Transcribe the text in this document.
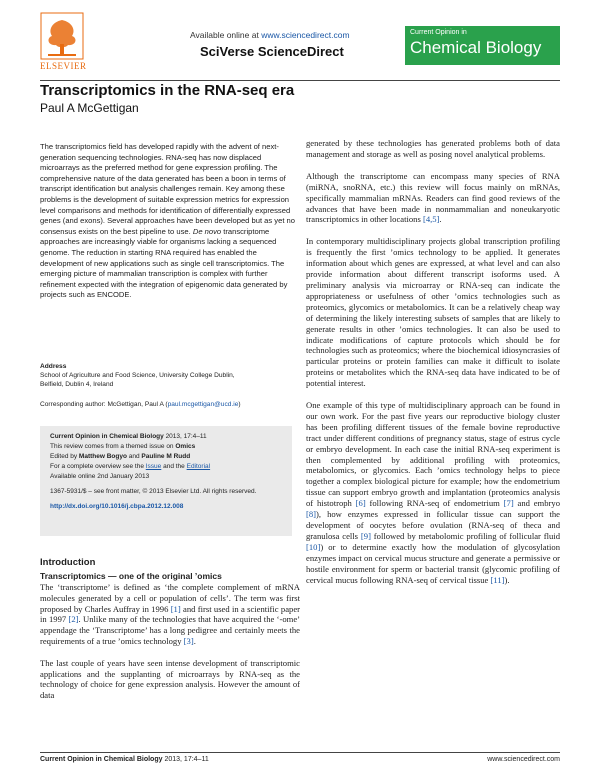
ELSEVIER
Available online at www.sciencedirect.com
SciVerse ScienceDirect
Current Opinion in
Chemical Biology
Transcriptomics in the RNA-seq era
Paul A McGettigan
The transcriptomics field has developed rapidly with the advent of next-generation sequencing technologies. RNA-seq has now displaced microarrays as the preferred method for gene expression profiling. The comprehensive nature of the data generated has been a boon in terms of transcript identification but analysis challenges remain. Key among these problems is the development of suitable expression metrics for expression level comparisons and methods for identification of differentially expressed genes (and exons). Several approaches have been developed but as yet no consensus exists on the best pipeline to use. De novo transcriptome approaches are increasingly viable for organisms lacking a sequenced genome. The reduction in starting RNA required has enabled the development of new applications such as single cell transcriptomics. The emerging picture of mammalian transcription is complex with further refinement expected with the integration of epigenomic data generated by projects such as ENCODE.
Address
School of Agriculture and Food Science, University College Dublin,
Belfield, Dublin 4, Ireland
Corresponding author: McGettigan, Paul A (paul.mcgettigan@ucd.ie)
Current Opinion in Chemical Biology 2013, 17:4–11
This review comes from a themed issue on Omics
Edited by Matthew Bogyo and Pauline M Rudd
For a complete overview see the Issue and the Editorial
Available online 2nd January 2013
1367-5931/$ – see front matter, © 2013 Elsevier Ltd. All rights reserved.
http://dx.doi.org/10.1016/j.cbpa.2012.12.008
Introduction
Transcriptomics — one of the original ’omics

The ‘transcriptome’ is defined as ‘the complete complement of mRNA molecules generated by a cell or population of cells’. The term was first proposed by Charles Auffray in 1996 [1] and first used in a scientific paper in 1997 [2]. Unlike many of the technologies that have acquired the ‘-ome’ appendage the ‘Transcriptome’ has a long pedigree and certainly meets the requirements of a true ’omics technology [3].

The last couple of years have seen intense development of transcriptomic applications and the supplanting of microarrays by RNA-seq as the technology of choice for gene expression analysis. However the amount of data

generated by these technologies has generated problems both of data management and storage as well as posing novel analytical problems.

Although the transcriptome can encompass many species of RNA (miRNA, snoRNA, etc.) this review will focus mainly on mRNAs, specifically mammalian mRNAs. Readers can find good reviews of the advances that have been made in nonmammalian and noneukaryotic transcriptomics in other locations [4,5].

In contemporary multidisciplinary projects global transcription profiling is frequently the first ’omics technology to be applied. It generates information about which genes are expressed, at what level and can also provide information about different transcript isoforms used. A preliminary analysis via microarray or RNA-seq can indicate the appropriateness or usefulness of other ’omics technologies such as proteomics, glycomics or metabolomics. It can be a relatively cheap way of determining the likely interesting subsets of samples that are likely to generate results in other ’omics technologies. It can also be used to indicate modifications of capture protocols which should be for technologies such as proteomics; where the biochemical idiosyncrasies of particular proteins or protein families can make it difficult to isolate proteins or metabolites which the RNA-seq data have indicated to be of potential interest.

One example of this type of multidisciplinary approach can be found in our own work. For the past five years our reproductive biology cluster has been profiling different tissues of the female bovine reproductive tract under different conditions of pregnancy status, stage of estrus cycle or embryo development. In each case the initial RNA-seq experiment is then complemented by additional profiling with proteomics, metabolomics, or glycomics. Each ’omics technology helps to piece together a complex biological picture for example; how the endometrium tissue can support embryo growth and implantation (proteomics analysis of histotroph [6] following RNA-seq of endometrium [7] and embryo [8]), how enzymes expressed in follicular tissue can support the development of oocytes before ovulation (RNA-seq of theca and granulosa cells [9] followed by metabolomic profiling of follicular fluid [10]) or to determine exactly how the modulation of glycosylation enzymes impact on cervical mucus structure and generate a permissive or hostile environment for sperm or bacterial transit (glycomic profiling of cervical mucus following RNA-seq of cervical tissue [11]).

Current Opinion in Chemical Biology 2013, 17:4–11	www.sciencedirect.com
